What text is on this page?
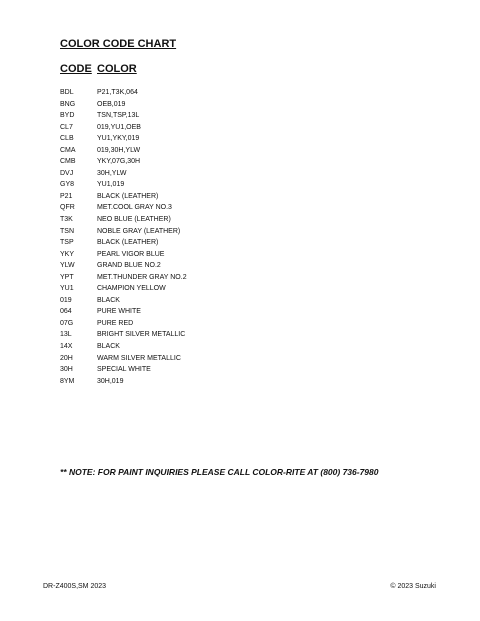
COLOR CODE CHART
CODE COLOR
BDL	P21,T3K,064
BNG	OEB,019
BYD	TSN,TSP,13L
CL7	019,YU1,OEB
CLB	YU1,YKY,019
CMA	019,30H,YLW
CMB	YKY,07G,30H
DVJ	30H,YLW
GY8	YU1,019
P21	BLACK (LEATHER)
QFR	MET.COOL GRAY NO.3
T3K	NEO BLUE (LEATHER)
TSN	NOBLE GRAY (LEATHER)
TSP	BLACK (LEATHER)
YKY	PEARL VIGOR BLUE
YLW	GRAND BLUE NO.2
YPT	MET.THUNDER GRAY NO.2
YU1	CHAMPION YELLOW
019	BLACK
064	PURE WHITE
07G	PURE RED
13L	BRIGHT SILVER METALLIC
14X	BLACK
20H	WARM SILVER METALLIC
30H	SPECIAL WHITE
8YM	30H,019
** NOTE: FOR PAINT INQUIRIES PLEASE CALL COLOR-RITE AT (800) 736-7980
DR-Z400S,SM 2023	© 2023 Suzuki
